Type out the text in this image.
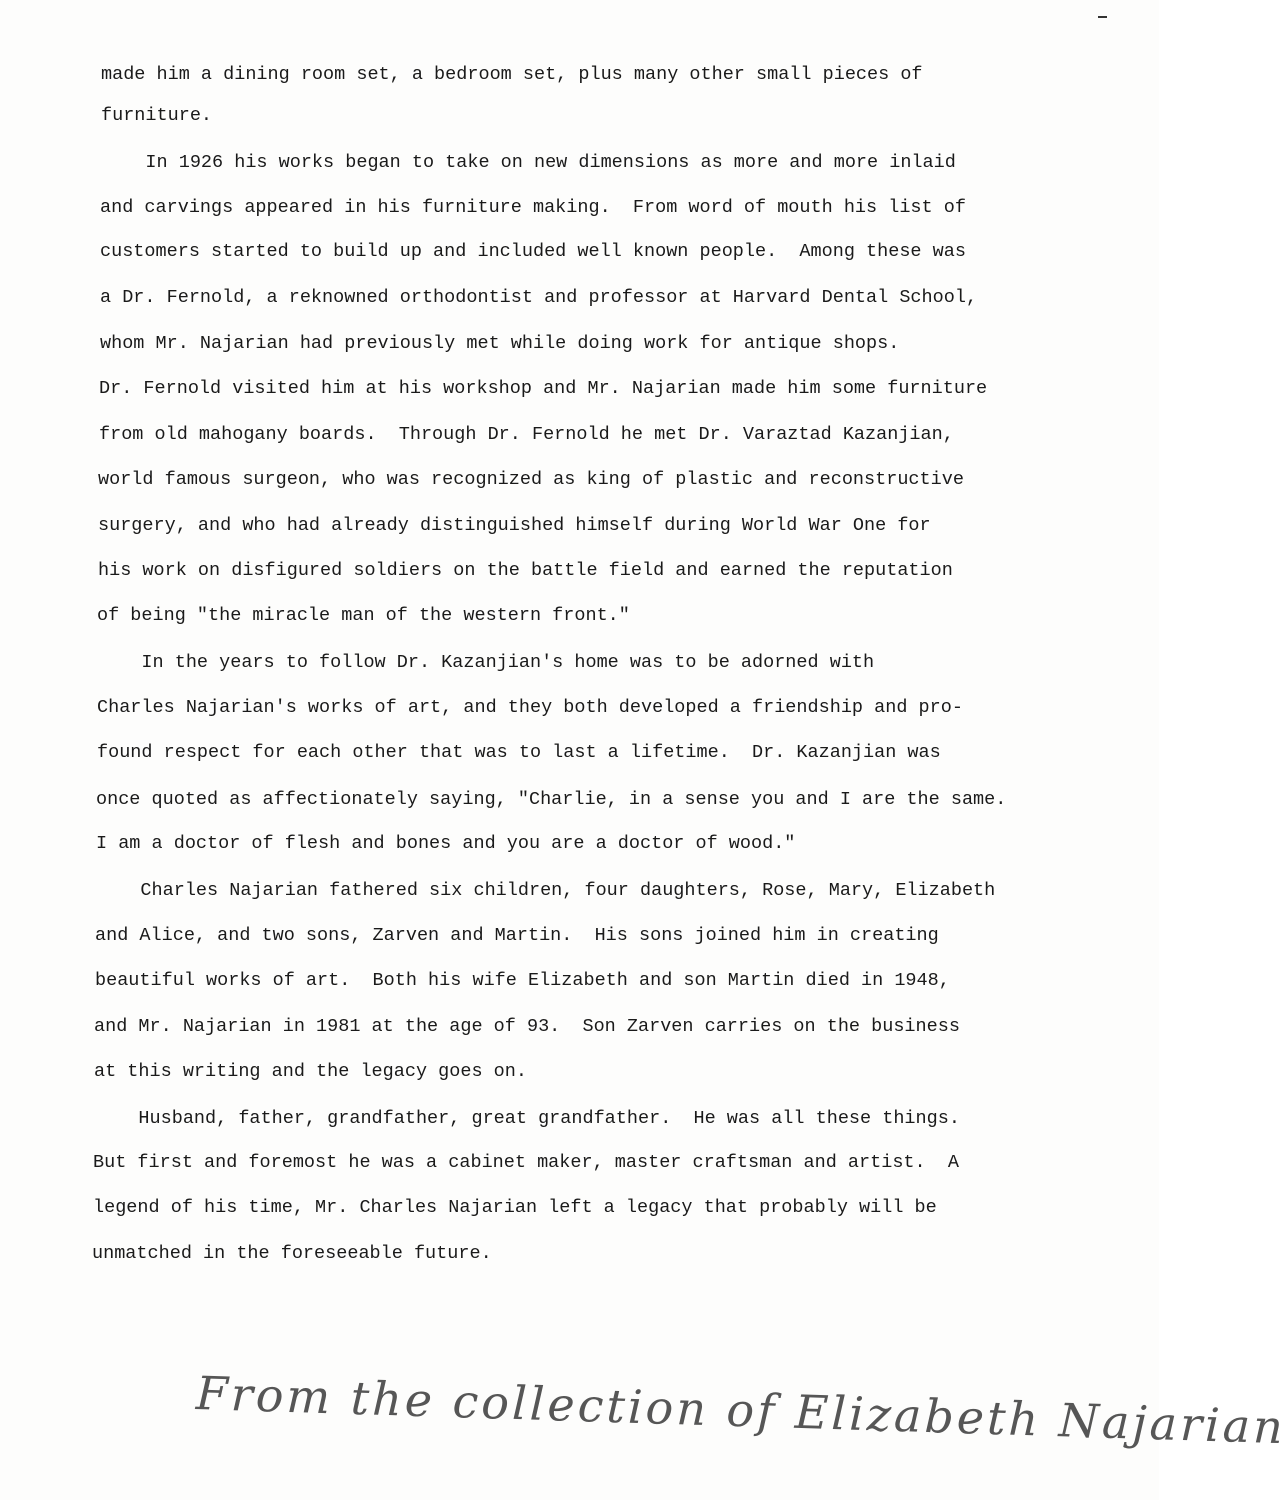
made him a dining room set, a bedroom set, plus many other small pieces of
furniture.
In 1926 his works began to take on new dimensions as more and more inlaid
and carvings appeared in his furniture making.  From word of mouth his list of
customers started to build up and included well known people.  Among these was
a Dr. Fernold, a reknowned orthodontist and professor at Harvard Dental School,
whom Mr. Najarian had previously met while doing work for antique shops.
Dr. Fernold visited him at his workshop and Mr. Najarian made him some furniture
from old mahogany boards.  Through Dr. Fernold he met Dr. Varaztad Kazanjian,
world famous surgeon, who was recognized as king of plastic and reconstructive
surgery, and who had already distinguished himself during World War One for
his work on disfigured soldiers on the battle field and earned the reputation
of being "the miracle man of the western front."
In the years to follow Dr. Kazanjian's home was to be adorned with
Charles Najarian's works of art, and they both developed a friendship and pro-
found respect for each other that was to last a lifetime.  Dr. Kazanjian was
once quoted as affectionately saying, "Charlie, in a sense you and I are the same.
I am a doctor of flesh and bones and you are a doctor of wood."
Charles Najarian fathered six children, four daughters, Rose, Mary, Elizabeth
and Alice, and two sons, Zarven and Martin.  His sons joined him in creating
beautiful works of art.  Both his wife Elizabeth and son Martin died in 1948,
and Mr. Najarian in 1981 at the age of 93.  Son Zarven carries on the business
at this writing and the legacy goes on.
Husband, father, grandfather, great grandfather.  He was all these things.
But first and foremost he was a cabinet maker, master craftsman and artist.  A
legend of his time, Mr. Charles Najarian left a legacy that probably will be
unmatched in the foreseeable future.
From the collection of Elizabeth Najarian
